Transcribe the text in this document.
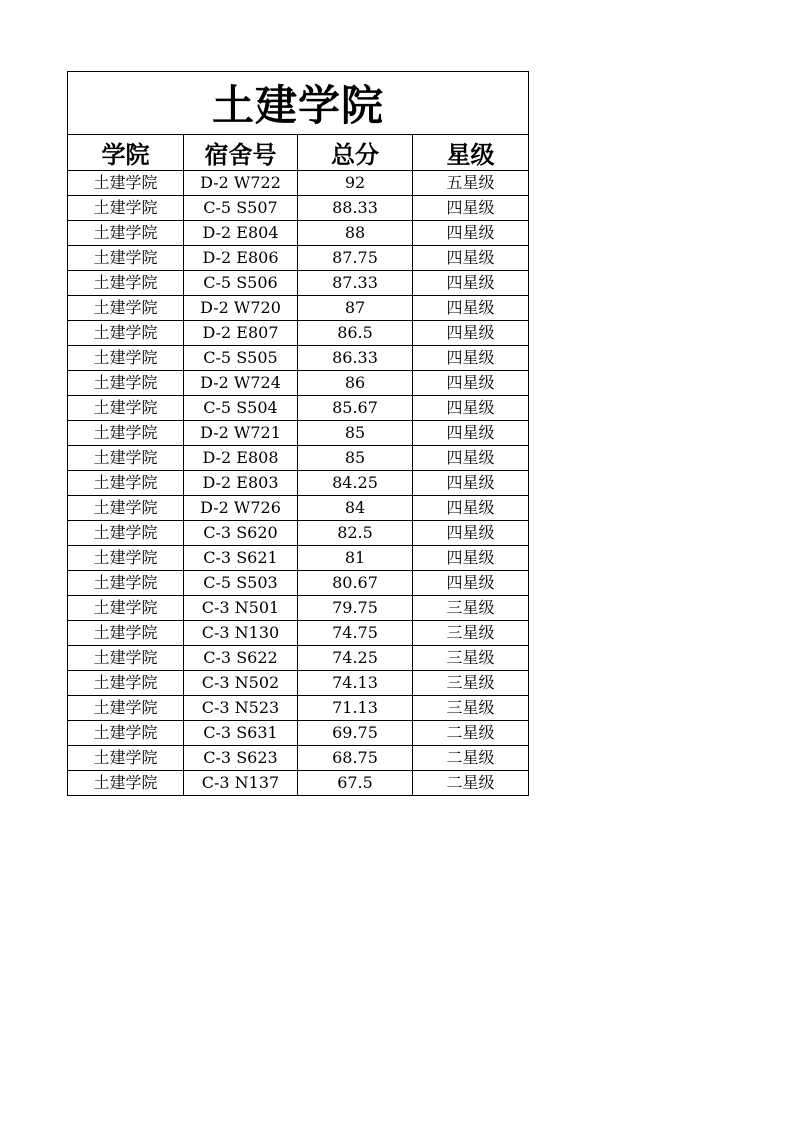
土建学院			
学院	宿舍号	总分	星级
土建学院	D-2 W722	92	五星级
土建学院	C-5 S507	88.33	四星级
土建学院	D-2 E804	88	四星级
土建学院	D-2 E806	87.75	四星级
土建学院	C-5 S506	87.33	四星级
土建学院	D-2 W720	87	四星级
土建学院	D-2 E807	86.5	四星级
土建学院	C-5 S505	86.33	四星级
土建学院	D-2 W724	86	四星级
土建学院	C-5 S504	85.67	四星级
土建学院	D-2 W721	85	四星级
土建学院	D-2 E808	85	四星级
土建学院	D-2 E803	84.25	四星级
土建学院	D-2 W726	84	四星级
土建学院	C-3 S620	82.5	四星级
土建学院	C-3 S621	81	四星级
土建学院	C-5 S503	80.67	四星级
土建学院	C-3 N501	79.75	三星级
土建学院	C-3 N130	74.75	三星级
土建学院	C-3 S622	74.25	三星级
土建学院	C-3 N502	74.13	三星级
土建学院	C-3 N523	71.13	三星级
土建学院	C-3 S631	69.75	二星级
土建学院	C-3 S623	68.75	二星级
土建学院	C-3 N137	67.5	二星级
